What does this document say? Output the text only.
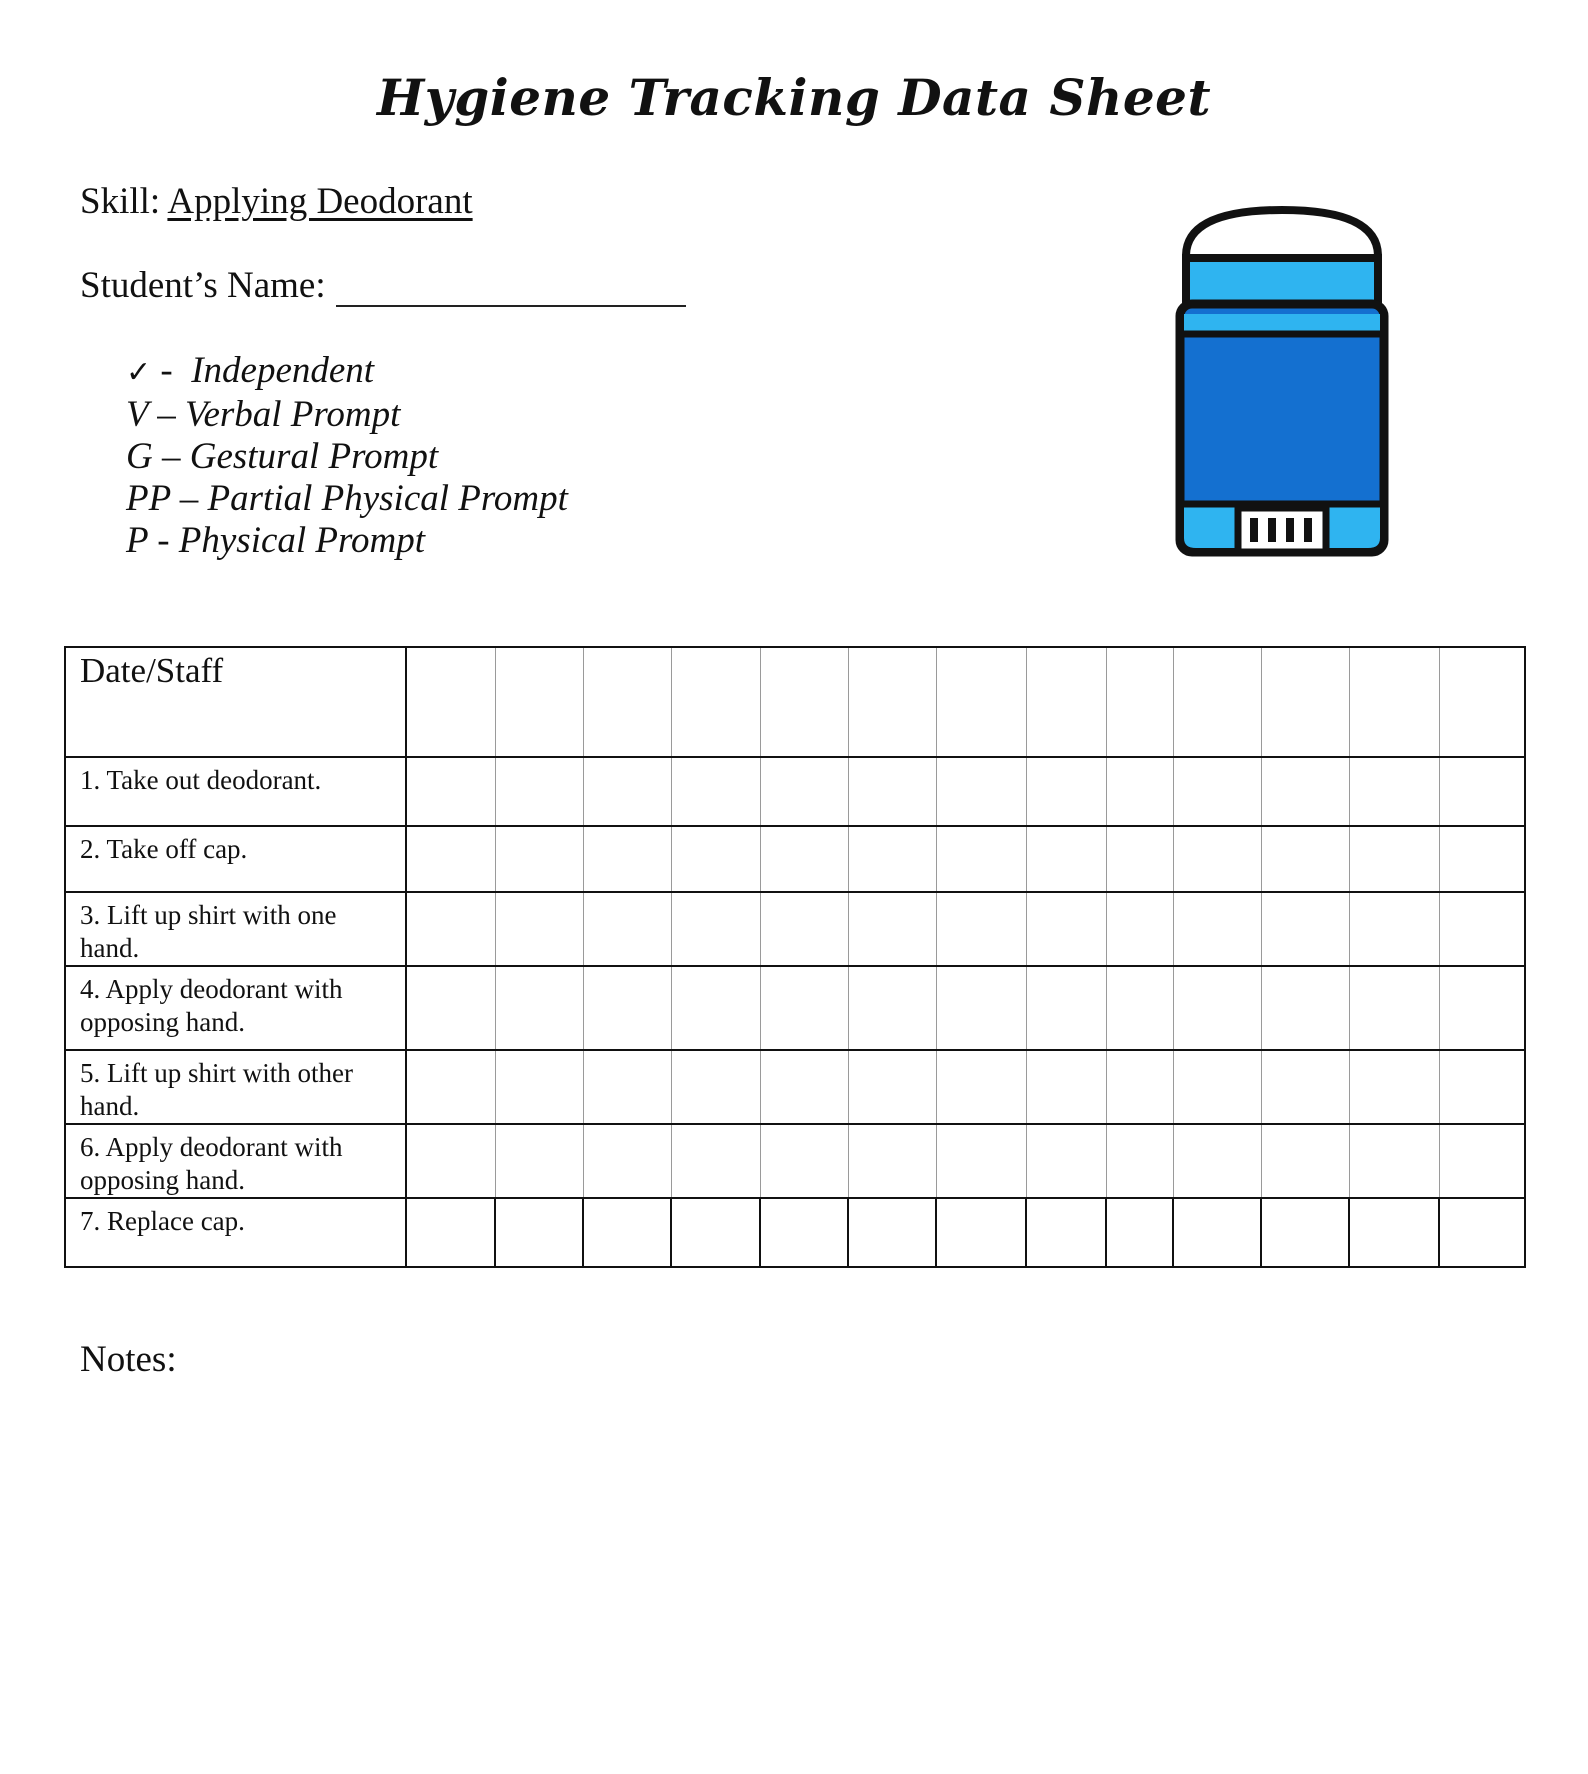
Hygiene Tracking Data Sheet
Skill: Applying Deodorant
Student’s Name:
✓ - Independent
V – Verbal Prompt
G – Gestural Prompt
PP – Partial Physical Prompt
P - Physical Prompt
Date/Staff													
1. Take out deodorant.													
2. Take off cap.													
3. Lift up shirt with one hand.													
4. Apply deodorant with opposing hand.													
5. Lift up shirt with other hand.													
6. Apply deodorant with opposing hand.													
7. Replace cap.													
Notes:
